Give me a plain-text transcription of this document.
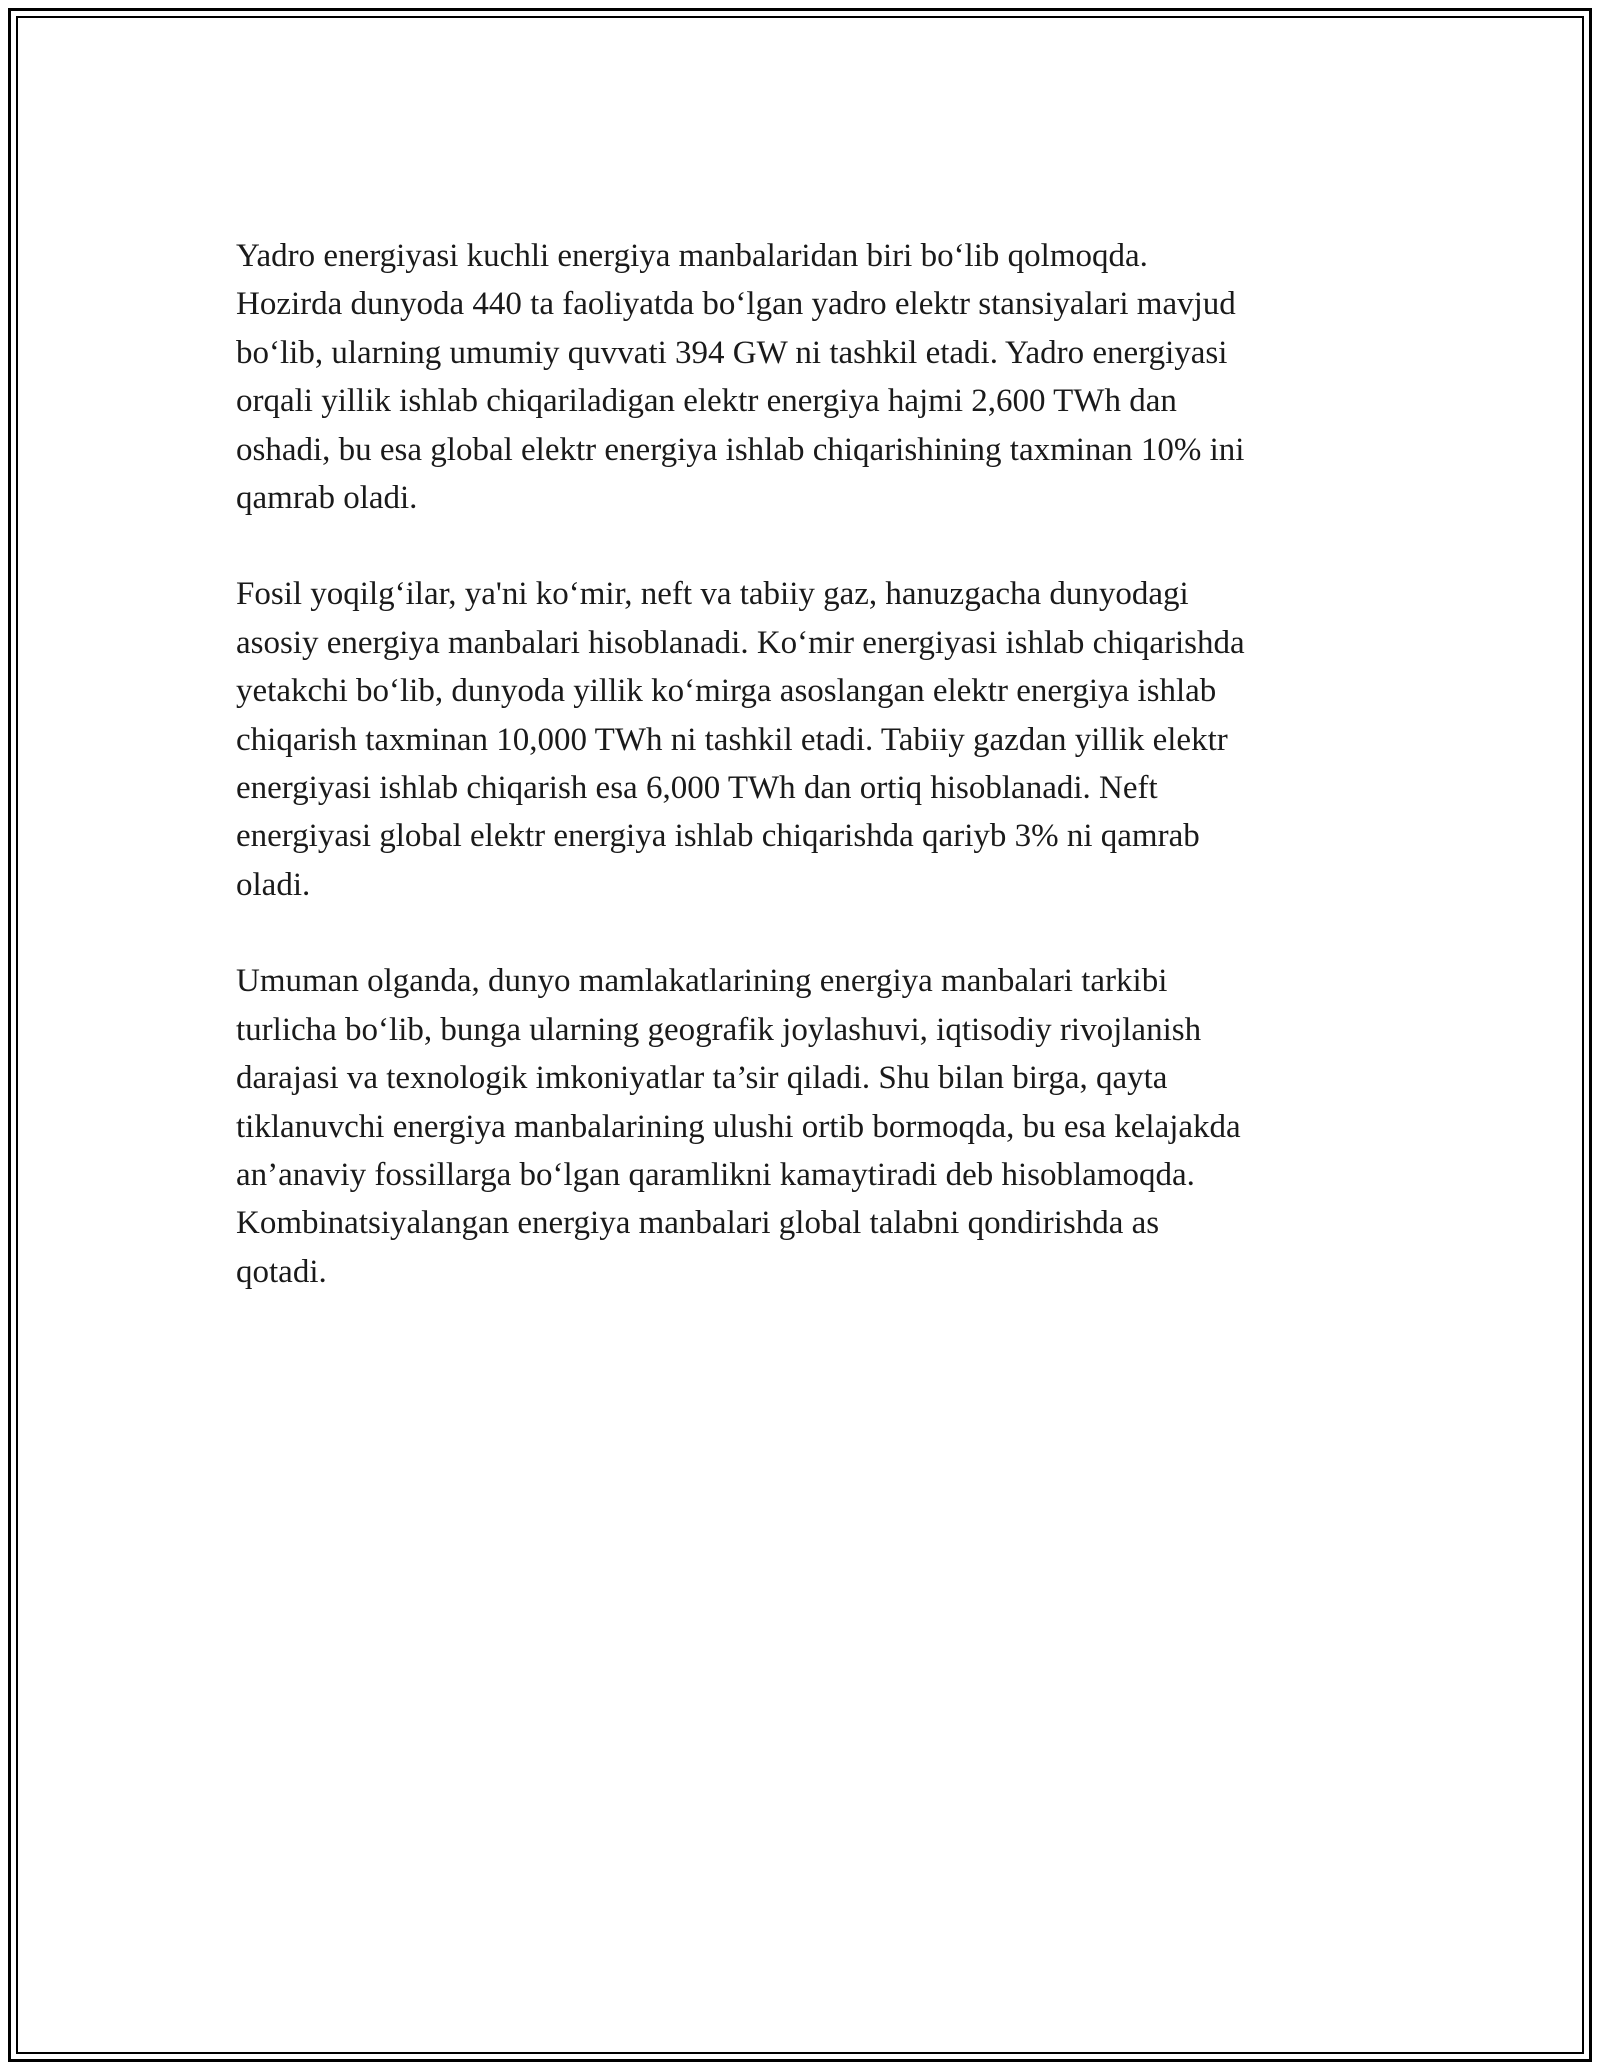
Yadro energiyasi kuchli energiya manbalaridan biri bo‘lib qolmoqda.
Hozirda dunyoda 440 ta faoliyatda bo‘lgan yadro elektr stansiyalari mavjud
bo‘lib, ularning umumiy quvvati 394 GW ni tashkil etadi. Yadro energiyasi
orqali yillik ishlab chiqariladigan elektr energiya hajmi 2,600 TWh dan
oshadi, bu esa global elektr energiya ishlab chiqarishining taxminan 10% ini
qamrab oladi.

Fosil yoqilg‘ilar, ya'ni ko‘mir, neft va tabiiy gaz, hanuzgacha dunyodagi
asosiy energiya manbalari hisoblanadi. Ko‘mir energiyasi ishlab chiqarishda
yetakchi bo‘lib, dunyoda yillik ko‘mirga asoslangan elektr energiya ishlab
chiqarish taxminan 10,000 TWh ni tashkil etadi. Tabiiy gazdan yillik elektr
energiyasi ishlab chiqarish esa 6,000 TWh dan ortiq hisoblanadi. Neft
energiyasi global elektr energiya ishlab chiqarishda qariyb 3% ni qamrab
oladi.

Umuman olganda, dunyo mamlakatlarining energiya manbalari tarkibi
turlicha bo‘lib, bunga ularning geografik joylashuvi, iqtisodiy rivojlanish
darajasi va texnologik imkoniyatlar ta’sir qiladi. Shu bilan birga, qayta
tiklanuvchi energiya manbalarining ulushi ortib bormoqda, bu esa kelajakda
an’anaviy fossillarga bo‘lgan qaramlikni kamaytiradi deb hisoblamoqda.
Kombinatsiyalangan energiya manbalari global talabni qondirishda as
qotadi.
